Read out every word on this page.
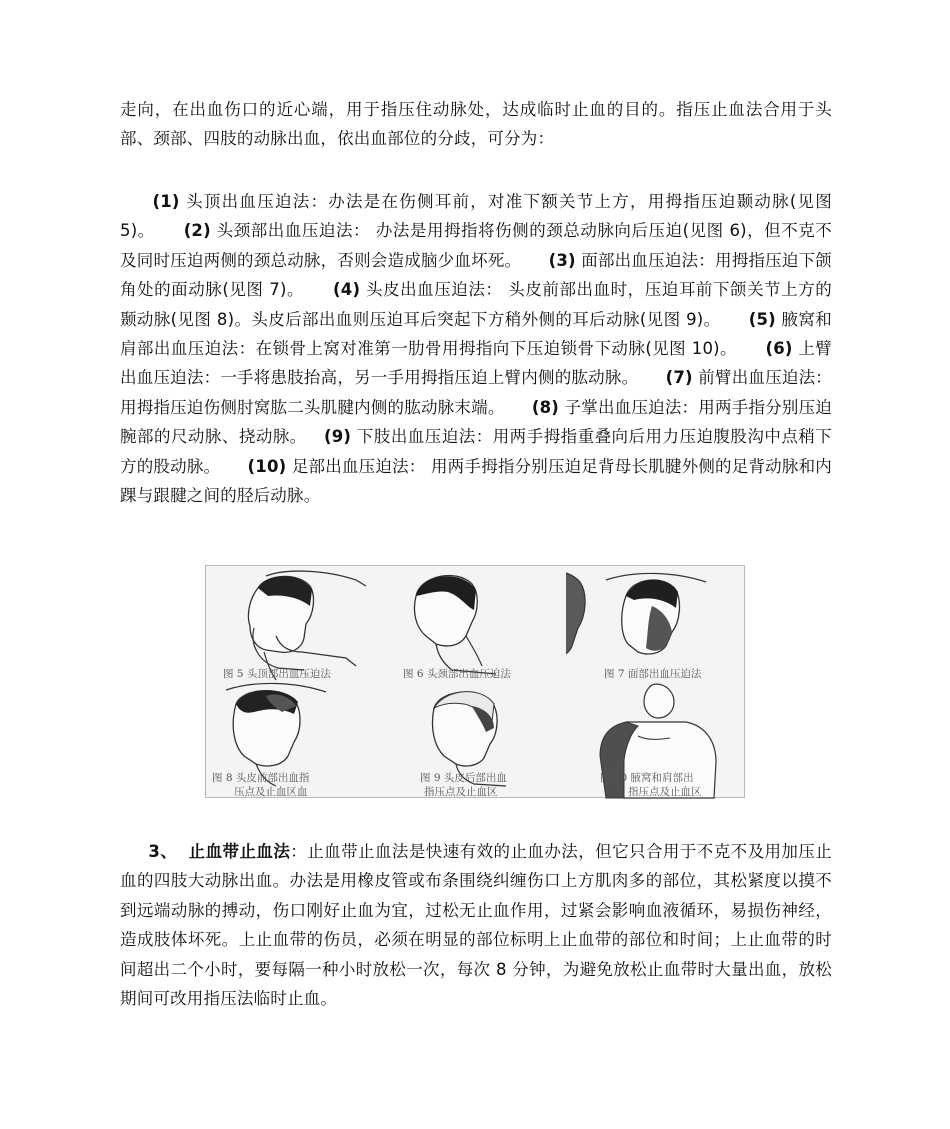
走向，在出血伤口的近心端，用于指压住动脉处，达成临时止血的目的。指压止血法合用于头部、颈部、四肢的动脉出血，依出血部位的分歧，可分为：

(1) 头顶出血压迫法：办法是在伤侧耳前，对准下额关节上方，用拇指压迫颞动脉(见图 5)。 (2) 头颈部出血压迫法： 办法是用拇指将伤侧的颈总动脉向后压迫(见图 6)，但不克不及同时压迫两侧的颈总动脉，否则会造成脑少血坏死。 (3) 面部出血压迫法：用拇指压迫下颌角处的面动脉(见图 7)。 (4) 头皮出血压迫法： 头皮前部出血时，压迫耳前下颌关节上方的颞动脉(见图 8)。头皮后部出血则压迫耳后突起下方稍外侧的耳后动脉(见图 9)。 (5) 腋窝和肩部出血压迫法：在锁骨上窝对准第一肋骨用拇指向下压迫锁骨下动脉(见图 10)。 (6) 上臂出血压迫法：一手将患肢抬高，另一手用拇指压迫上臂内侧的肱动脉。 (7) 前臂出血压迫法：用拇指压迫伤侧肘窝肱二头肌腱内侧的肱动脉末端。 (8) 子掌出血压迫法：用两手指分别压迫腕部的尺动脉、挠动脉。 (9) 下肢出血压迫法：用两手拇指重叠向后用力压迫腹股沟中点稍下方的股动脉。 (10) 足部出血压迫法： 用两手拇指分别压迫足背母长肌腱外侧的足背动脉和内踝与跟腱之间的胫后动脉。

图 5 头顶部出血压迫法	图 6 头颈部出血压迫法	图 7 面部出血压迫法
图 8 头皮前部出血指
压点及止血区血
图 9 头皮后部出血
指压点及止血区
图 10 腋窝和肩部出
指压点及止血区

3、 止血带止血法：止血带止血法是快速有效的止血办法，但它只合用于不克不及用加压止血的四肢大动脉出血。办法是用橡皮管或布条围绕纠缠伤口上方肌肉多的部位，其松紧度以摸不到远端动脉的搏动，伤口刚好止血为宜，过松无止血作用，过紧会影响血液循环，易损伤神经，造成肢体坏死。上止血带的伤员，必须在明显的部位标明上止血带的部位和时间；上止血带的时间超出二个小时，要每隔一种小时放松一次，每次 8 分钟，为避免放松止血带时大量出血，放松期间可改用指压法临时止血。
